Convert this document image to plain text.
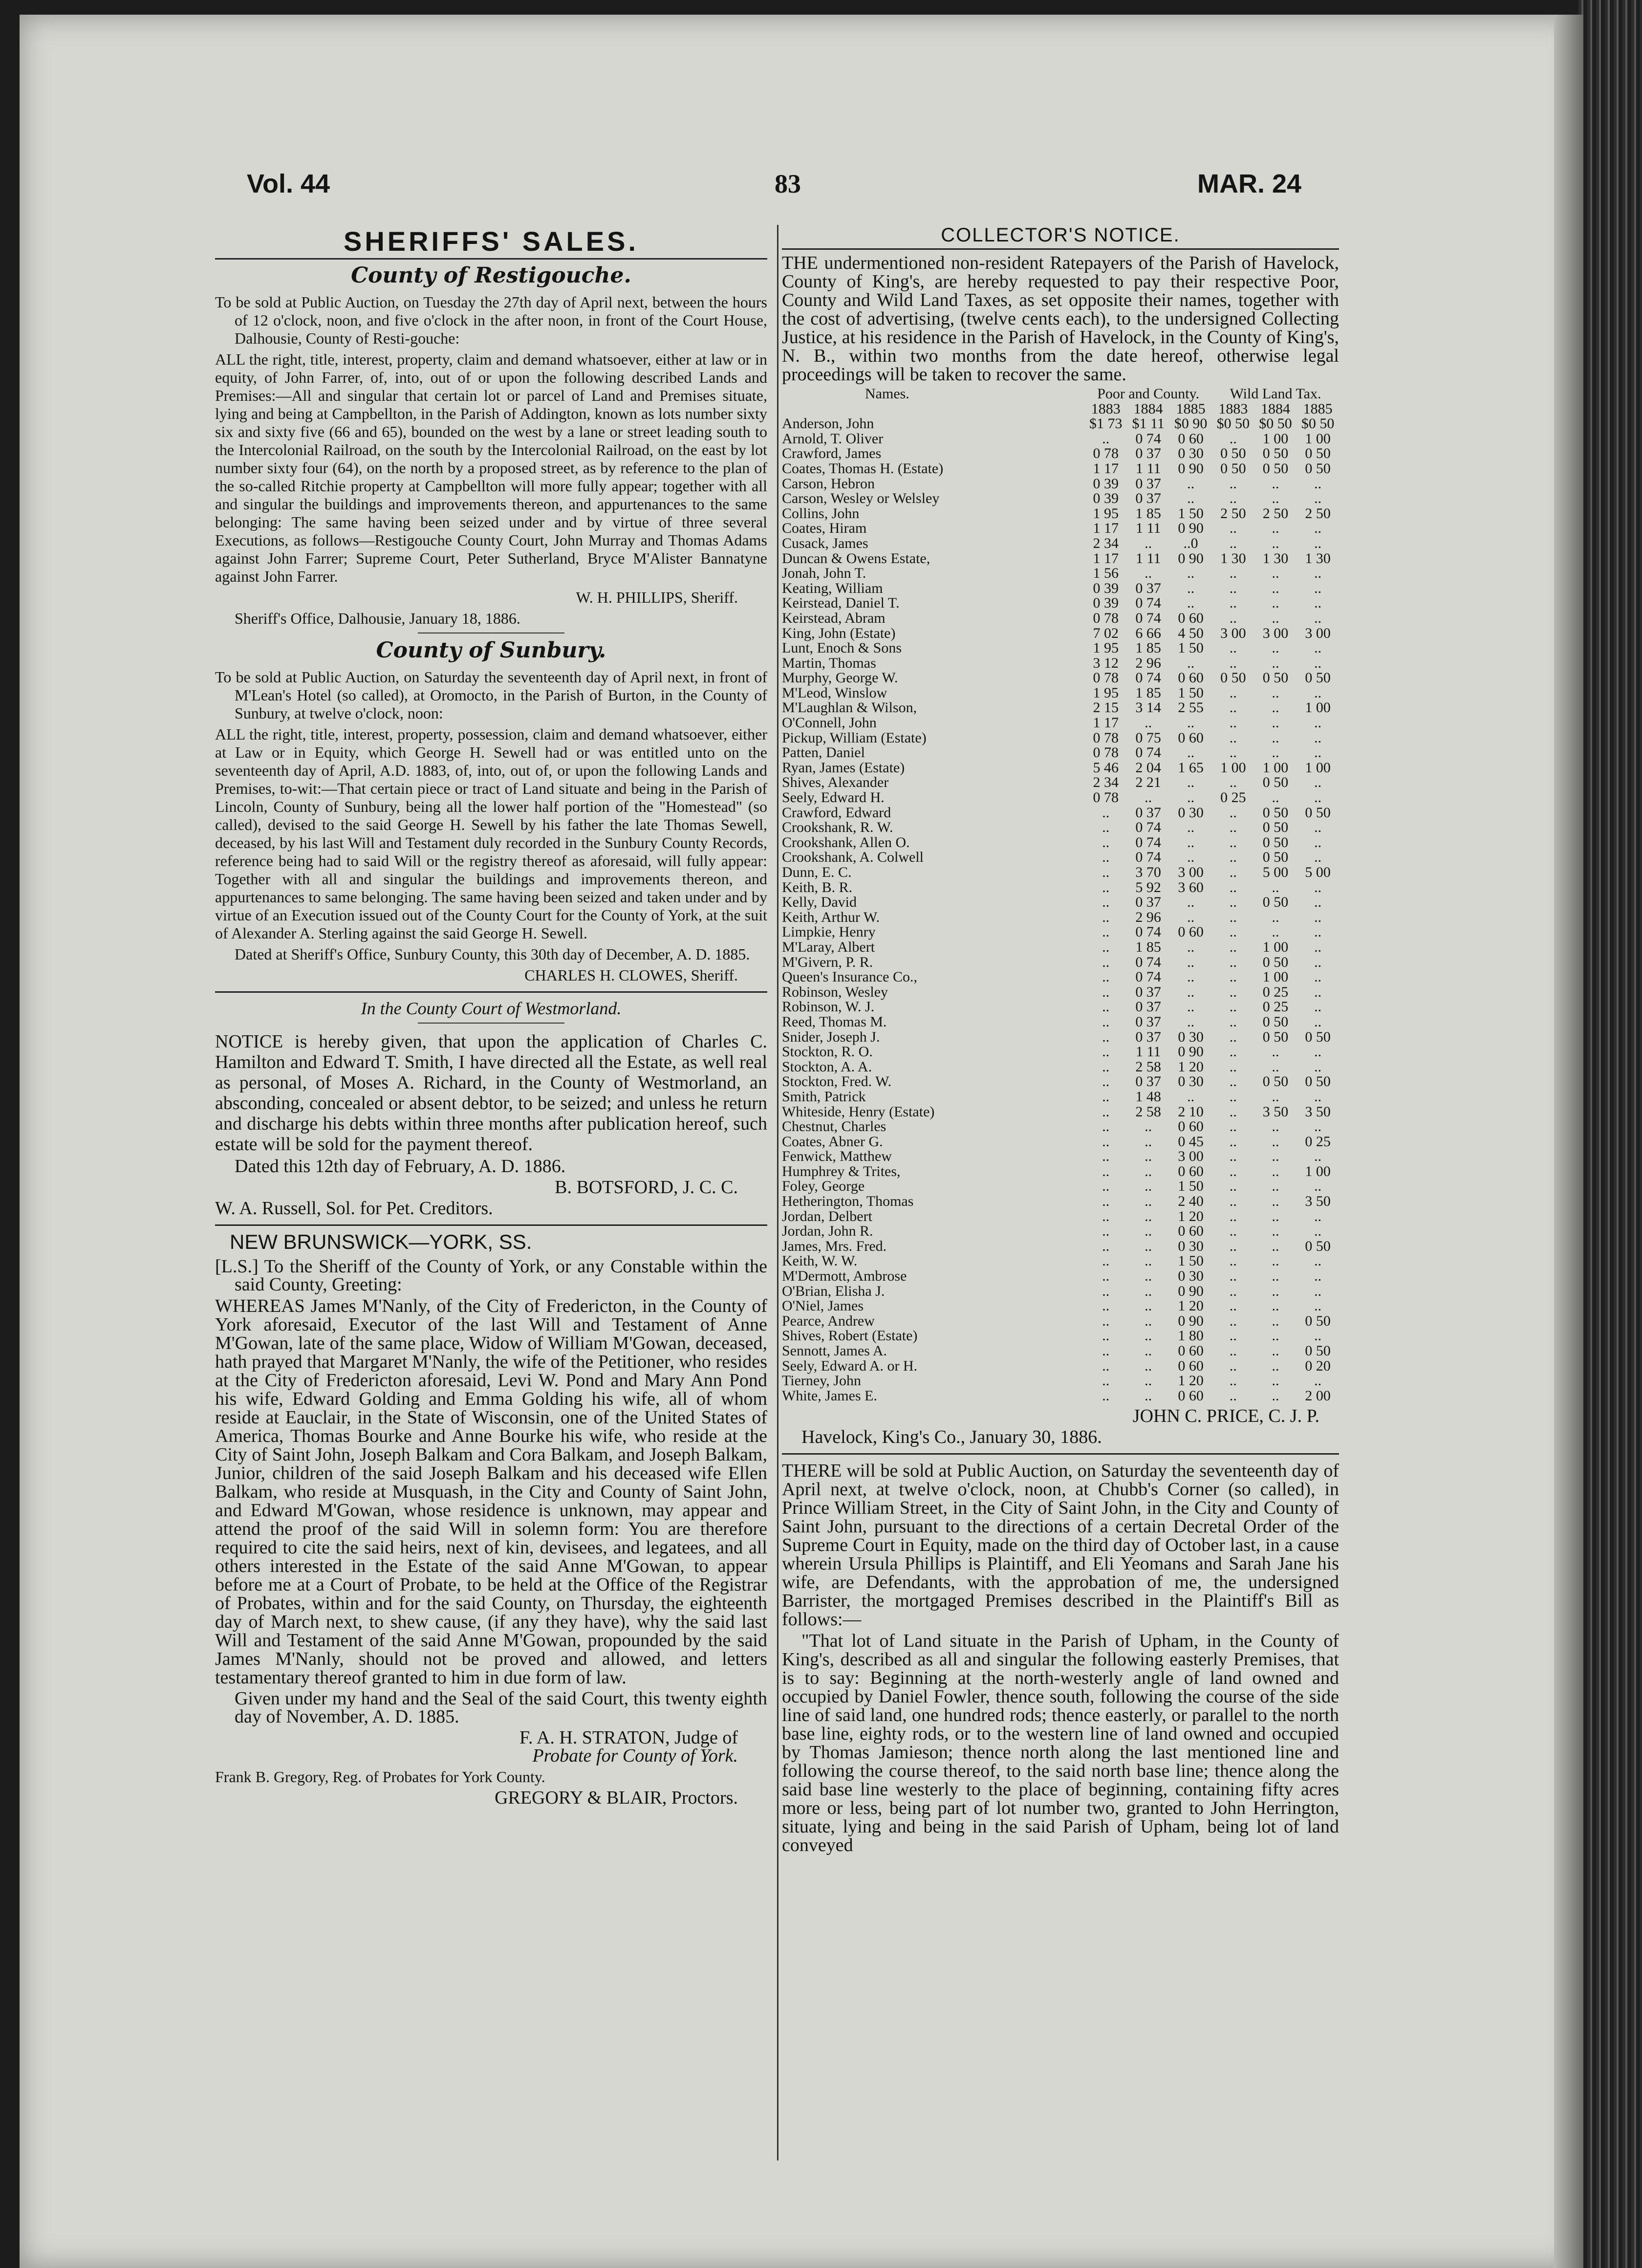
Vol. 44	83	MAR. 24
SHERIFFS' SALES.
County of Restigouche.

To be sold at Public Auction, on Tuesday the 27th day of April next, between the hours of 12 o'clock, noon, and five o'clock in the after noon, in front of the Court House, Dalhousie, County of Resti-gouche:

ALL the right, title, interest, property, claim and demand whatsoever, either at law or in equity, of John Farrer, of, into, out of or upon the following described Lands and Premises:—All and singular that certain lot or parcel of Land and Premises situate, lying and being at Campbellton, in the Parish of Addington, known as lots number sixty six and sixty five (66 and 65), bounded on the west by a lane or street leading south to the Intercolonial Railroad, on the south by the Intercolonial Railroad, on the east by lot number sixty four (64), on the north by a proposed street, as by reference to the plan of the so-called Ritchie property at Campbellton will more fully appear; together with all and singular the buildings and improvements thereon, and appurtenances to the same belonging: The same having been seized under and by virtue of three several Executions, as follows—Restigouche County Court, John Murray and Thomas Adams against John Farrer; Supreme Court, Peter Sutherland, Bryce M'Alister Bannatyne against John Farrer.

W. H. PHILLIPS, Sheriff.

Sheriff's Office, Dalhousie, January 18, 1886.

County of Sunbury.

To be sold at Public Auction, on Saturday the seventeenth day of April next, in front of M'Lean's Hotel (so called), at Oromocto, in the Parish of Burton, in the County of Sunbury, at twelve o'clock, noon:

ALL the right, title, interest, property, possession, claim and demand whatsoever, either at Law or in Equity, which George H. Sewell had or was entitled unto on the seventeenth day of April, A.D. 1883, of, into, out of, or upon the following Lands and Premises, to-wit:—That certain piece or tract of Land situate and being in the Parish of Lincoln, County of Sunbury, being all the lower half portion of the "Homestead" (so called), devised to the said George H. Sewell by his father the late Thomas Sewell, deceased, by his last Will and Testament duly recorded in the Sunbury County Records, reference being had to said Will or the registry thereof as aforesaid, will fully appear: Together with all and singular the buildings and improvements thereon, and appurtenances to same belonging. The same having been seized and taken under and by virtue of an Execution issued out of the County Court for the County of York, at the suit of Alexander A. Sterling against the said George H. Sewell.

Dated at Sheriff's Office, Sunbury County, this 30th day of December, A. D. 1885.

CHARLES H. CLOWES, Sheriff.

In the County Court of Westmorland.

NOTICE is hereby given, that upon the application of Charles C. Hamilton and Edward T. Smith, I have directed all the Estate, as well real as personal, of Moses A. Richard, in the County of Westmorland, an absconding, concealed or absent debtor, to be seized; and unless he return and discharge his debts within three months after publication hereof, such estate will be sold for the payment thereof.

Dated this 12th day of February, A. D. 1886.

B. BOTSFORD, J. C. C.

W. A. Russell, Sol. for Pet. Creditors.

NEW BRUNSWICK—YORK, SS.

[L.S.] To the Sheriff of the County of York, or any Constable within the said County, Greeting:

WHEREAS James M'Nanly, of the City of Fredericton, in the County of York aforesaid, Executor of the last Will and Testament of Anne M'Gowan, late of the same place, Widow of William M'Gowan, deceased, hath prayed that Margaret M'Nanly, the wife of the Petitioner, who resides at the City of Fredericton aforesaid, Levi W. Pond and Mary Ann Pond his wife, Edward Golding and Emma Golding his wife, all of whom reside at Eauclair, in the State of Wisconsin, one of the United States of America, Thomas Bourke and Anne Bourke his wife, who reside at the City of Saint John, Joseph Balkam and Cora Balkam, and Joseph Balkam, Junior, children of the said Joseph Balkam and his deceased wife Ellen Balkam, who reside at Musquash, in the City and County of Saint John, and Edward M'Gowan, whose residence is unknown, may appear and attend the proof of the said Will in solemn form: You are therefore required to cite the said heirs, next of kin, devisees, and legatees, and all others interested in the Estate of the said Anne M'Gowan, to appear before me at a Court of Probate, to be held at the Office of the Registrar of Probates, within and for the said County, on Thursday, the eighteenth day of March next, to shew cause, (if any they have), why the said last Will and Testament of the said Anne M'Gowan, propounded by the said James M'Nanly, should not be proved and allowed, and letters testamentary thereof granted to him in due form of law.

Given under my hand and the Seal of the said Court, this twenty eighth day of November, A. D. 1885.

F. A. H. STRATON, Judge of

Probate for County of York.

Frank B. Gregory, Reg. of Probates for York County.

GREGORY & BLAIR, Proctors.

COLLECTOR'S NOTICE.

THE undermentioned non-resident Ratepayers of the Parish of Havelock, County of King's, are hereby requested to pay their respective Poor, County and Wild Land Taxes, as set opposite their names, together with the cost of advertising, (twelve cents each), to the undersigned Collecting Justice, at his residence in the Parish of Havelock, in the County of King's, N. B., within two months from the date hereof, otherwise legal proceedings will be taken to recover the same.

Names.	Poor and County.			Wild Land Tax.		
	1883	1884	1885	1883	1884	1885
Anderson, John	$1 73	$1 11	$0 90	$0 50	$0 50	$0 50
Arnold, T. Oliver	..	0 74	0 60	..	1 00	1 00
Crawford, James	0 78	0 37	0 30	0 50	0 50	0 50
Coates, Thomas H. (Estate)	1 17	1 11	0 90	0 50	0 50	0 50
Carson, Hebron	0 39	0 37	..	..	..	..
Carson, Wesley or Welsley	0 39	0 37	..	..	..	..
Collins, John	1 95	1 85	1 50	2 50	2 50	2 50
Coates, Hiram	1 17	1 11	0 90	..	..	..
Cusack, James	2 34	..	..0	..	..	..
Duncan & Owens Estate,	1 17	1 11	0 90	1 30	1 30	1 30
Jonah, John T.	1 56	..	..	..	..	..
Keating, William	0 39	0 37	..	..	..	..
Keirstead, Daniel T.	0 39	0 74	..	..	..	..
Keirstead, Abram	0 78	0 74	0 60	..	..	..
King, John (Estate)	7 02	6 66	4 50	3 00	3 00	3 00
Lunt, Enoch & Sons	1 95	1 85	1 50	..	..	..
Martin, Thomas	3 12	2 96	..	..	..	..
Murphy, George W.	0 78	0 74	0 60	0 50	0 50	0 50
M'Leod, Winslow	1 95	1 85	1 50	..	..	..
M'Laughlan & Wilson,	2 15	3 14	2 55	..	..	1 00
O'Connell, John	1 17	..	..	..	..	..
Pickup, William (Estate)	0 78	0 75	0 60	..	..	..
Patten, Daniel	0 78	0 74	..	..	..	..
Ryan, James (Estate)	5 46	2 04	1 65	1 00	1 00	1 00
Shives, Alexander	2 34	2 21	..	..	0 50	..
Seely, Edward H.	0 78	..	..	0 25	..	..
Crawford, Edward	..	0 37	0 30	..	0 50	0 50
Crookshank, R. W.	..	0 74	..	..	0 50	..
Crookshank, Allen O.	..	0 74	..	..	0 50	..
Crookshank, A. Colwell	..	0 74	..	..	0 50	..
Dunn, E. C.	..	3 70	3 00	..	5 00	5 00
Keith, B. R.	..	5 92	3 60	..	..	..
Kelly, David	..	0 37	..	..	0 50	..
Keith, Arthur W.	..	2 96	..	..	..	..
Limpkie, Henry	..	0 74	0 60	..	..	..
M'Laray, Albert	..	1 85	..	..	1 00	..
M'Givern, P. R.	..	0 74	..	..	0 50	..
Queen's Insurance Co.,	..	0 74	..	..	1 00	..
Robinson, Wesley	..	0 37	..	..	0 25	..
Robinson, W. J.	..	0 37	..	..	0 25	..
Reed, Thomas M.	..	0 37	..	..	0 50	..
Snider, Joseph J.	..	0 37	0 30	..	0 50	0 50
Stockton, R. O.	..	1 11	0 90	..	..	..
Stockton, A. A.	..	2 58	1 20	..	..	..
Stockton, Fred. W.	..	0 37	0 30	..	0 50	0 50
Smith, Patrick	..	1 48	..	..	..	..
Whiteside, Henry (Estate)	..	2 58	2 10	..	3 50	3 50
Chestnut, Charles	..	..	0 60	..	..	..
Coates, Abner G.	..	..	0 45	..	..	0 25
Fenwick, Matthew	..	..	3 00	..	..	..
Humphrey & Trites,	..	..	0 60	..	..	1 00
Foley, George	..	..	1 50	..	..	..
Hetherington, Thomas	..	..	2 40	..	..	3 50
Jordan, Delbert	..	..	1 20	..	..	..
Jordan, John R.	..	..	0 60	..	..	..
James, Mrs. Fred.	..	..	0 30	..	..	0 50
Keith, W. W.	..	..	1 50	..	..	..
M'Dermott, Ambrose	..	..	0 30	..	..	..
O'Brian, Elisha J.	..	..	0 90	..	..	..
O'Niel, James	..	..	1 20	..	..	..
Pearce, Andrew	..	..	0 90	..	..	0 50
Shives, Robert (Estate)	..	..	1 80	..	..	..
Sennott, James A.	..	..	0 60	..	..	0 50
Seely, Edward A. or H.	..	..	0 60	..	..	0 20
Tierney, John	..	..	1 20	..	..	..
White, James E.	..	..	0 60	..	..	2 00

JOHN C. PRICE, C. J. P.

Havelock, King's Co., January 30, 1886.

THERE will be sold at Public Auction, on Saturday the seventeenth day of April next, at twelve o'clock, noon, at Chubb's Corner (so called), in Prince William Street, in the City of Saint John, in the City and County of Saint John, pursuant to the directions of a certain Decretal Order of the Supreme Court in Equity, made on the third day of October last, in a cause wherein Ursula Phillips is Plaintiff, and Eli Yeomans and Sarah Jane his wife, are Defendants, with the approbation of me, the undersigned Barrister, the mortgaged Premises described in the Plaintiff's Bill as follows:—

"That lot of Land situate in the Parish of Upham, in the County of King's, described as all and singular the following easterly Premises, that is to say: Beginning at the north-westerly angle of land owned and occupied by Daniel Fowler, thence south, following the course of the side line of said land, one hundred rods; thence easterly, or parallel to the north base line, eighty rods, or to the western line of land owned and occupied by Thomas Jamieson; thence north along the last mentioned line and following the course thereof, to the said north base line; thence along the said base line westerly to the place of beginning, containing fifty acres more or less, being part of lot number two, granted to John Herrington, situate, lying and being in the said Parish of Upham, being lot of land conveyed
